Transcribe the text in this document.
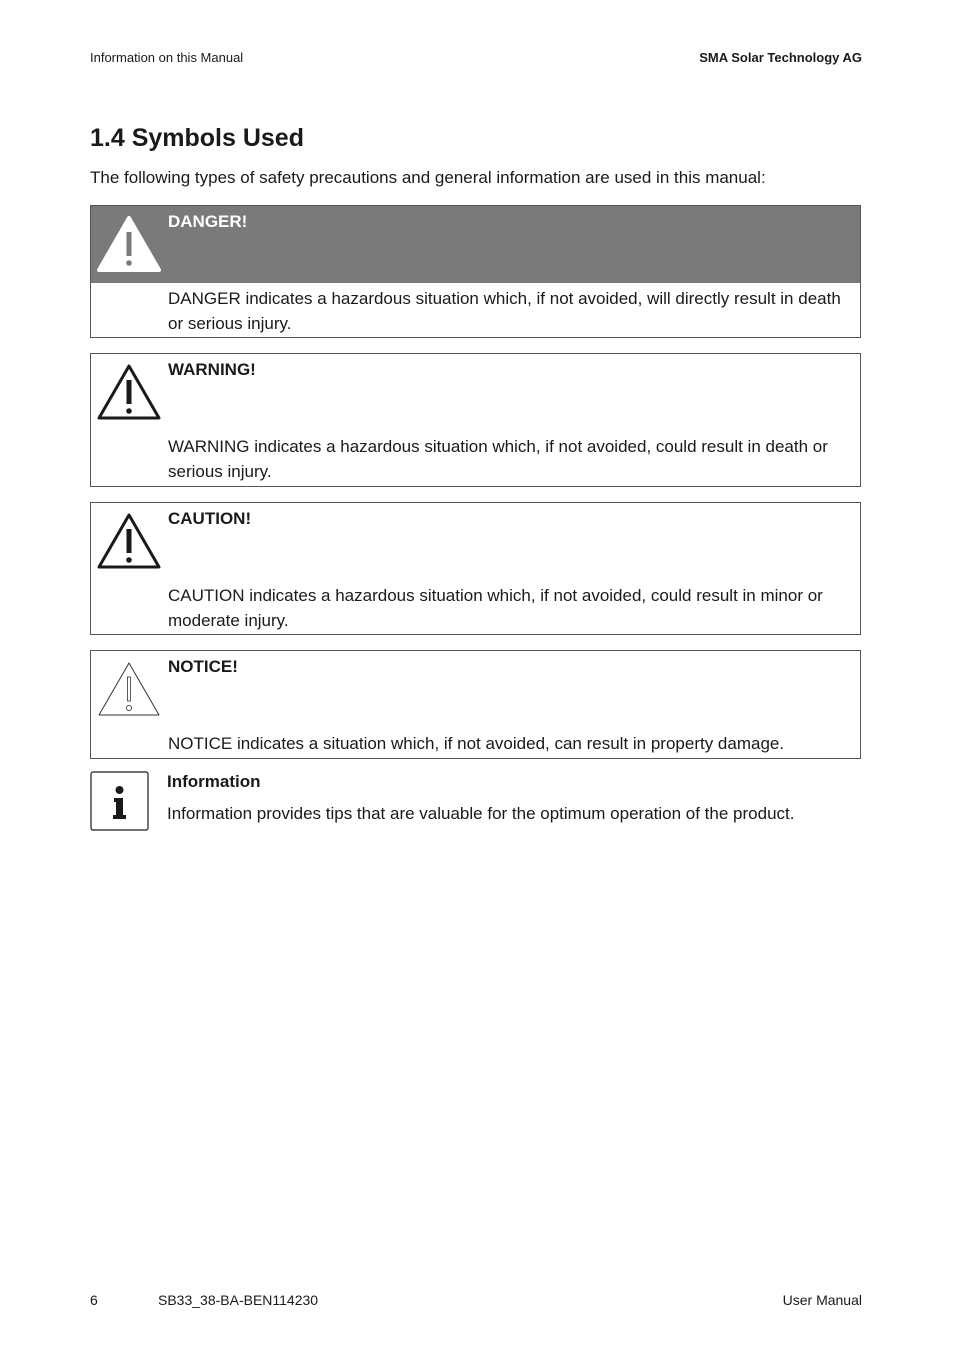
Information on this Manual	SMA Solar Technology AG
1.4 Symbols Used

The following types of safety precautions and general information are used in this manual:

DANGER!
DANGER indicates a hazardous situation which, if not avoided, will directly result in death or serious injury.
WARNING!
WARNING indicates a hazardous situation which, if not avoided, could result in death or serious injury.
CAUTION!
CAUTION indicates a hazardous situation which, if not avoided, could result in minor or moderate injury.
NOTICE!
NOTICE indicates a situation which, if not avoided, can result in property damage.
Information
Information provides tips that are valuable for the optimum operation of the product.
6	SB33_38-BA-BEN114230	User Manual
